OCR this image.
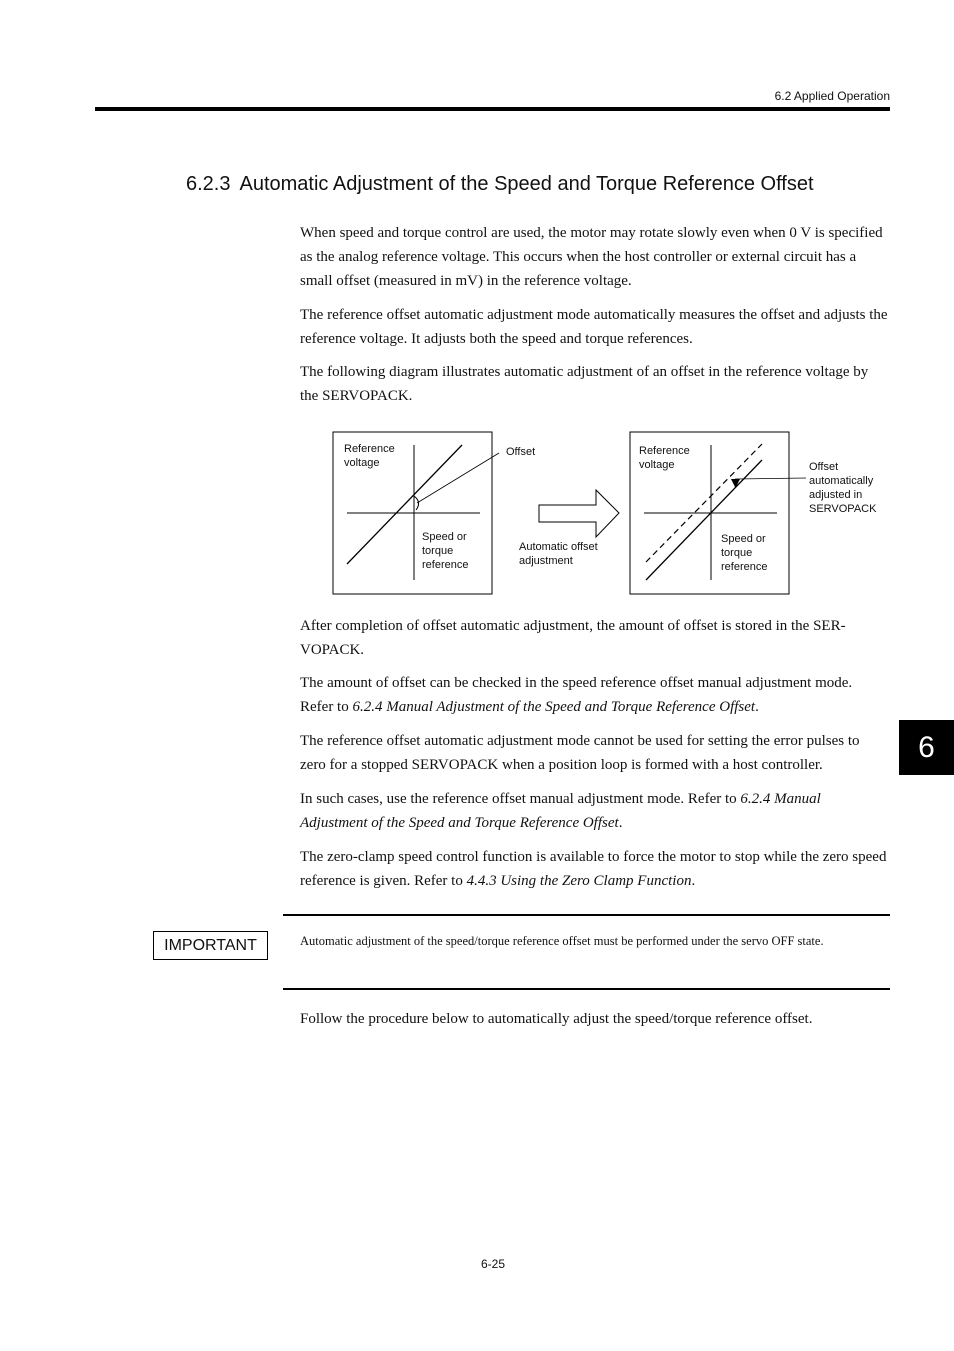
6.2 Applied Operation
6.2.3 Automatic Adjustment of the Speed and Torque Reference Offset

When speed and torque control are used, the motor may rotate slowly even when 0 V is specified as the analog reference voltage. This occurs when the host controller or external circuit has a small offset (measured in mV) in the reference voltage.

The reference offset automatic adjustment mode automatically measures the offset and adjusts the reference voltage. It adjusts both the speed and torque references.

The following diagram illustrates automatic adjustment of an offset in the reference voltage by the SERVOPACK.

Reference
voltage
Speed or
torque
reference
Offset
Automatic offset
adjustment
Reference
voltage
Speed or
torque
reference
Offset
automatically
adjusted in
SERVOPACK

After completion of offset automatic adjustment, the amount of offset is stored in the SER-VOPACK.

The amount of offset can be checked in the speed reference offset manual adjustment mode. Refer to 6.2.4 Manual Adjustment of the Speed and Torque Reference Offset.

The reference offset automatic adjustment mode cannot be used for setting the error pulses to zero for a stopped SERVOPACK when a position loop is formed with a host controller.

In such cases, use the reference offset manual adjustment mode. Refer to 6.2.4 Manual Adjustment of the Speed and Torque Reference Offset.

The zero-clamp speed control function is available to force the motor to stop while the zero speed reference is given. Refer to 4.4.3 Using the Zero Clamp Function.

IMPORTANT	Automatic adjustment of the speed/torque reference offset must be performed under the servo OFF state.

Follow the procedure below to automatically adjust the speed/torque reference offset.

6
6-25
